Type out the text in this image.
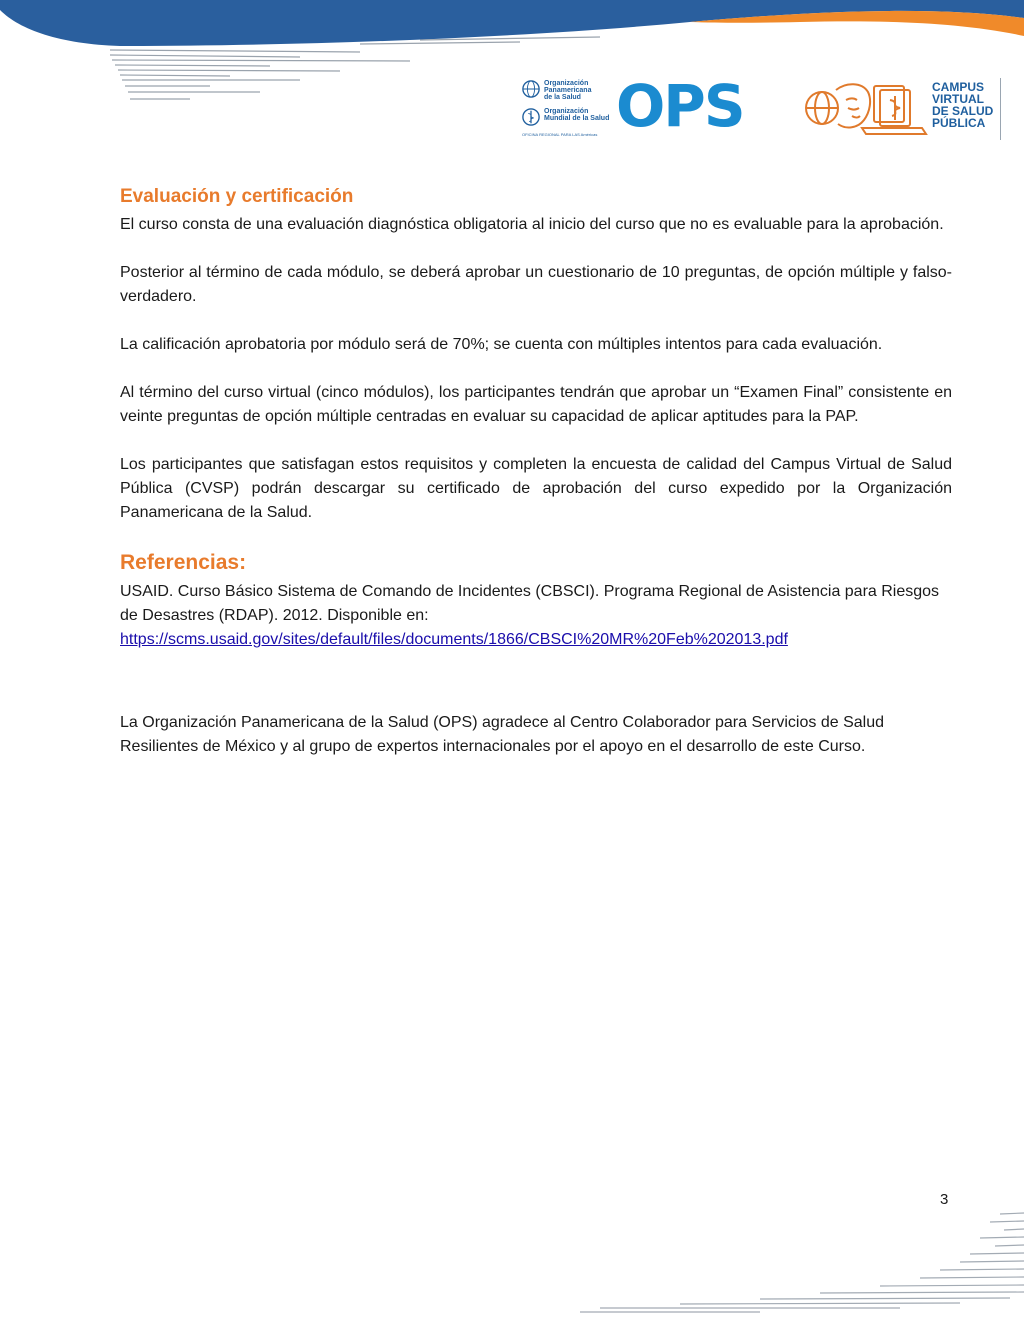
Organización
Panamericana
de la Salud
Organización
Mundial de la Salud
OFICINA REGIONAL PARA LAS Américas OPS	CAMPUS
VIRTUAL
DE SALUD
PÚBLICA
Evaluación y certificación

El curso consta de una evaluación diagnóstica obligatoria al inicio del curso que no es evaluable para la aprobación.

Posterior al término de cada módulo, se deberá aprobar un cuestionario de 10 preguntas, de opción múltiple y falso-verdadero.

La calificación aprobatoria por módulo será de 70%; se cuenta con múltiples intentos para cada evaluación.

Al término del curso virtual (cinco módulos), los participantes tendrán que aprobar un “Examen Final” consistente en veinte preguntas de opción múltiple centradas en evaluar su capacidad de aplicar aptitudes para la PAP.

Los participantes que satisfagan estos requisitos y completen la encuesta de calidad del Campus Virtual de Salud Pública (CVSP) podrán descargar su certificado de aprobación del curso expedido por la Organización Panamericana de la Salud.

Referencias:

USAID. Curso Básico Sistema de Comando de Incidentes (CBSCI). Programa Regional de Asistencia para Riesgos de Desastres (RDAP). 2012. Disponible en:

https://scms.usaid.gov/sites/default/files/documents/1866/CBSCI%20MR%20Feb%202013.pdf

La Organización Panamericana de la Salud (OPS) agradece al Centro Colaborador para Servicios de Salud Resilientes de México y al grupo de expertos internacionales por el apoyo en el desarrollo de este Curso.

3
